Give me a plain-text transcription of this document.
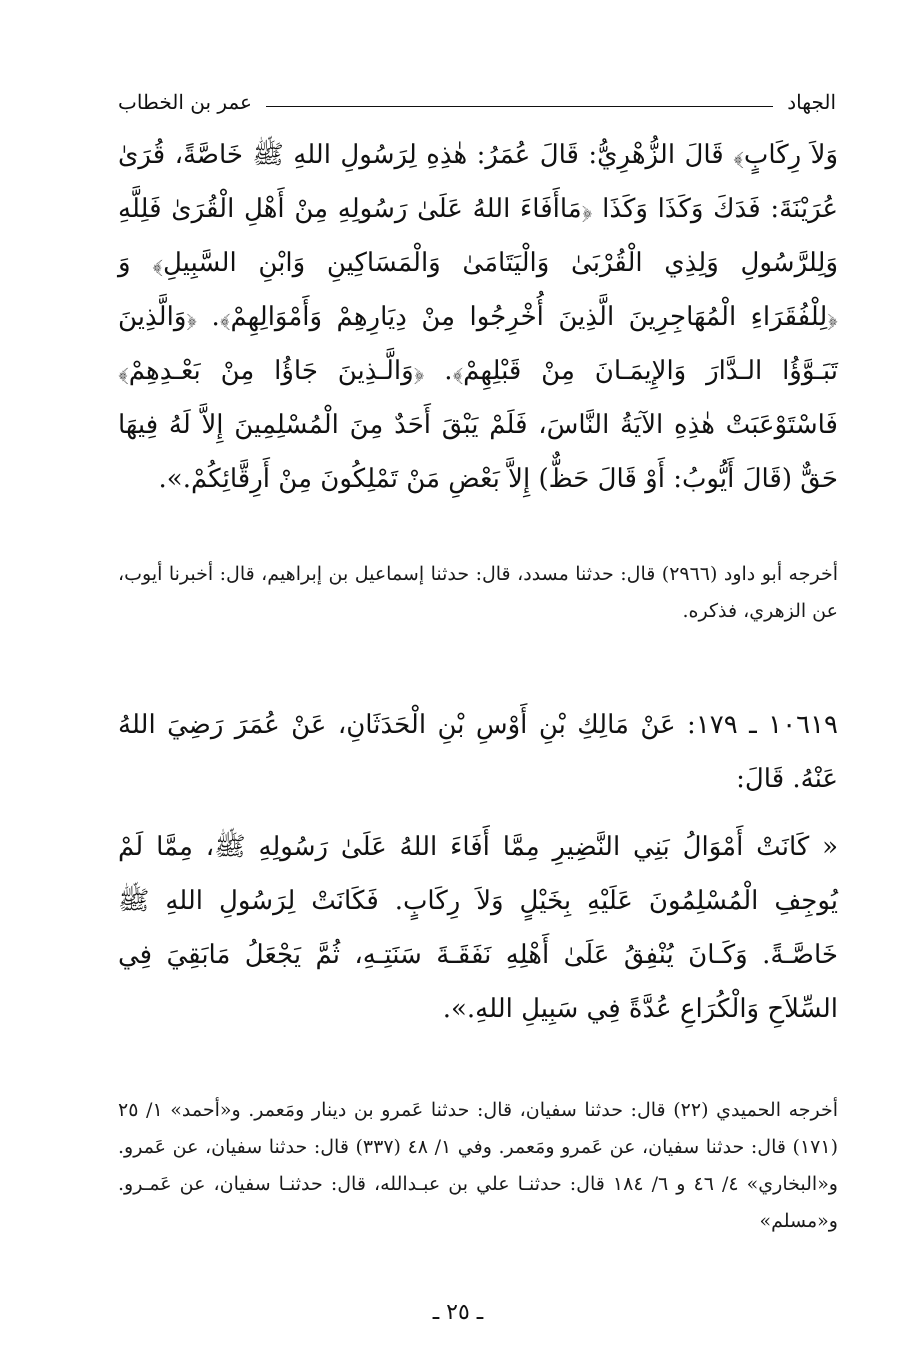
الجهاد
عمر بن الخطاب
وَلاَ رِكَابٍ﴾ قَالَ الزُّهْرِيُّ: قَالَ عُمَرُ: هٰذِهِ لِرَسُولِ اللهِ ﷺ خَاصَّةً، قُرَىٰ عُرَيْنَةَ: فَدَكَ وَكَذَا وَكَذَا ﴿مَاأَفَاءَ اللهُ عَلَىٰ رَسُولِهِ مِنْ أَهْلِ الْقُرَىٰ فَلِلَّهِ وَلِلرَّسُولِ وَلِذِي الْقُرْبَىٰ وَالْيَتَامَىٰ وَالْمَسَاكِينِ وَابْنِ السَّبِيلِ﴾ وَ ﴿لِلْفُقَرَاءِ الْمُهَاجِرِينَ الَّذِينَ أُخْرِجُوا مِنْ دِيَارِهِمْ وَأَمْوَالِهِمْ﴾. ﴿وَالَّذِينَ تَبَـوَّؤُا الـدَّارَ وَالإِيمَـانَ مِنْ قَبْلِهِمْ﴾. ﴿وَالَّـذِينَ جَاؤُا مِنْ بَعْـدِهِمْ﴾ فَاسْتَوْعَبَتْ هٰذِهِ الآيَةُ النَّاسَ، فَلَمْ يَبْقَ أَحَدٌ مِنَ الْمُسْلِمِينَ إِلاَّ لَهُ فِيهَا حَقٌّ (قَالَ أَيُّوبُ: أَوْ قَالَ حَظٌّ) إِلاَّ بَعْضِ مَنْ تَمْلِكُونَ مِنْ أَرِقَّائِكُمْ.».
أخرجه أبو داود (٢٩٦٦) قال: حدثنا مسدد، قال: حدثنا إسماعيل بن إبراهيم، قال: أخبرنا أيوب، عن الزهري، فذكره.
١٠٦١٩ ـ ١٧٩: عَنْ مَالِكِ بْنِ أَوْسِ بْنِ الْحَدَثَانِ، عَنْ عُمَرَ رَضِيَ اللهُ عَنْهُ. قَالَ:
« كَانَتْ أَمْوَالُ بَنِي النَّضِيرِ مِمَّا أَفَاءَ اللهُ عَلَىٰ رَسُولِهِ ﷺ، مِمَّا لَمْ يُوجِفِ الْمُسْلِمُونَ عَلَيْهِ بِخَيْلٍ وَلاَ رِكَابٍ. فَكَانَتْ لِرَسُولِ اللهِ ﷺ خَاصَّـةً. وَكَـانَ يُنْفِقُ عَلَىٰ أَهْلِهِ نَفَقَـةَ سَنَتِـهِ، ثُمَّ يَجْعَلُ مَابَقِيَ فِي السِّلاَحِ وَالْكُرَاعِ عُدَّةً فِي سَبِيلِ اللهِ.».
أخرجه الحميدي (٢٢) قال: حدثنا سفيان، قال: حدثنا عَمرو بن دينار ومَعمر. و«أحمد» ١/ ٢٥ (١٧١) قال: حدثنا سفيان، عن عَمرو ومَعمر. وفي ١/ ٤٨ (٣٣٧) قال: حدثنا سفيان، عن عَمرو. و«البخاري» ٤/ ٤٦ و ٦/ ١٨٤ قال: حدثنـا علي بن عبـدالله، قال: حدثنـا سفيان، عن عَمـرو. و«مسلم»
ـ ٢٥ ـ
